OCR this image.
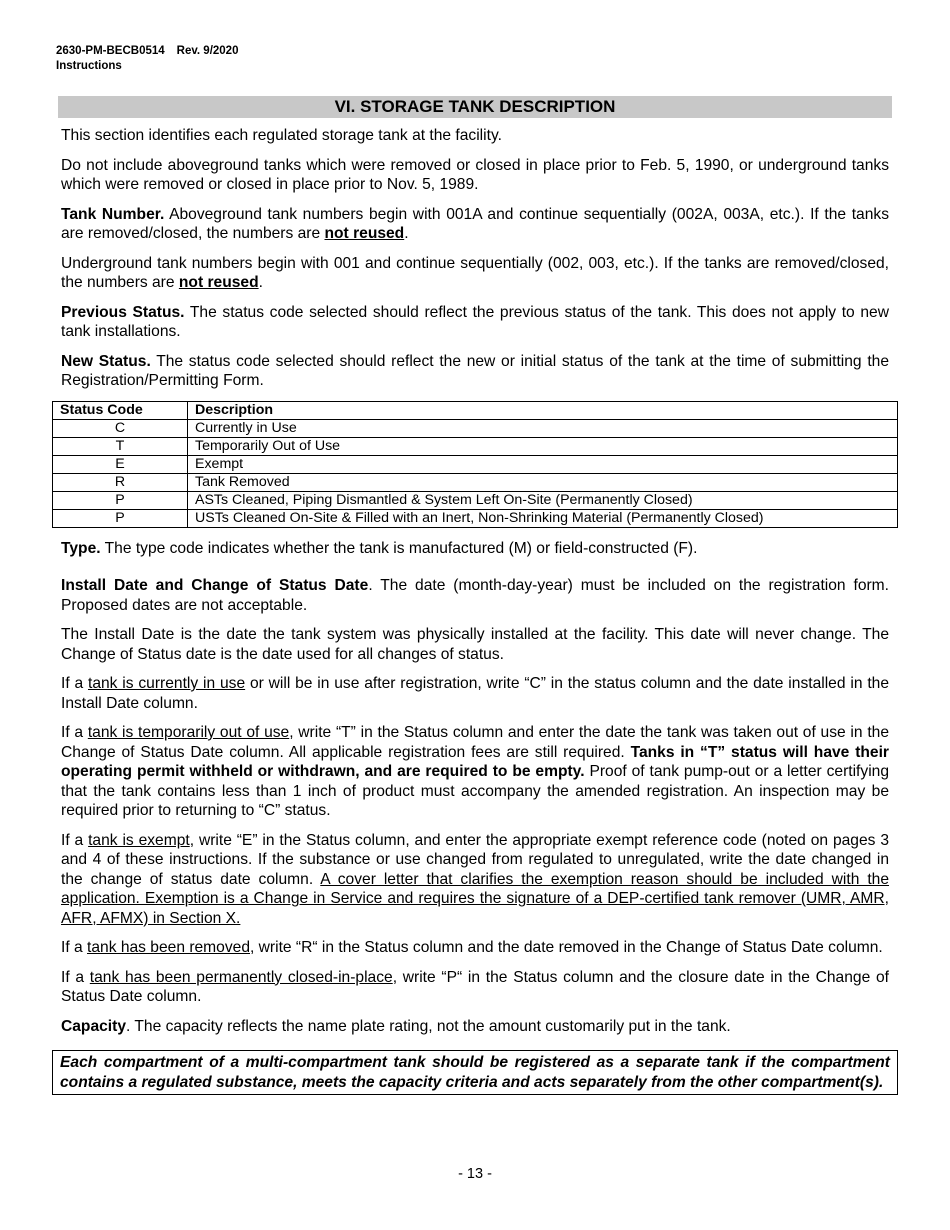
2630-PM-BECB0514 Rev. 9/2020
Instructions
VI. STORAGE TANK DESCRIPTION

This section identifies each regulated storage tank at the facility.

Do not include aboveground tanks which were removed or closed in place prior to Feb. 5, 1990, or underground tanks which were removed or closed in place prior to Nov. 5, 1989.

Tank Number. Aboveground tank numbers begin with 001A and continue sequentially (002A, 003A, etc.). If the tanks are removed/closed, the numbers are not reused.

Underground tank numbers begin with 001 and continue sequentially (002, 003, etc.). If the tanks are removed/closed, the numbers are not reused.

Previous Status. The status code selected should reflect the previous status of the tank. This does not apply to new tank installations.

New Status. The status code selected should reflect the new or initial status of the tank at the time of submitting the Registration/Permitting Form.

Status Code	Description
C	Currently in Use
T	Temporarily Out of Use
E	Exempt
R	Tank Removed
P	ASTs Cleaned, Piping Dismantled & System Left On-Site (Permanently Closed)
P	USTs Cleaned On-Site & Filled with an Inert, Non-Shrinking Material (Permanently Closed)

Type. The type code indicates whether the tank is manufactured (M) or field-constructed (F).

Install Date and Change of Status Date. The date (month-day-year) must be included on the registration form. Proposed dates are not acceptable.

The Install Date is the date the tank system was physically installed at the facility. This date will never change. The Change of Status date is the date used for all changes of status.

If a tank is currently in use or will be in use after registration, write “C” in the status column and the date installed in the Install Date column.

If a tank is temporarily out of use, write “T” in the Status column and enter the date the tank was taken out of use in the Change of Status Date column. All applicable registration fees are still required. Tanks in “T” status will have their operating permit withheld or withdrawn, and are required to be empty. Proof of tank pump-out or a letter certifying that the tank contains less than 1 inch of product must accompany the amended registration. An inspection may be required prior to returning to “C” status.

If a tank is exempt, write “E” in the Status column, and enter the appropriate exempt reference code (noted on pages 3 and 4 of these instructions. If the substance or use changed from regulated to unregulated, write the date changed in the change of status date column. A cover letter that clarifies the exemption reason should be included with the application. Exemption is a Change in Service and requires the signature of a DEP-certified tank remover (UMR, AMR, AFR, AFMX) in Section X.

If a tank has been removed, write “R“ in the Status column and the date removed in the Change of Status Date column.

If a tank has been permanently closed-in-place, write “P“ in the Status column and the closure date in the Change of Status Date column.

Capacity. The capacity reflects the name plate rating, not the amount customarily put in the tank.

Each compartment of a multi-compartment tank should be registered as a separate tank if the compartment contains a regulated substance, meets the capacity criteria and acts separately from the other compartment(s).
- 13 -
